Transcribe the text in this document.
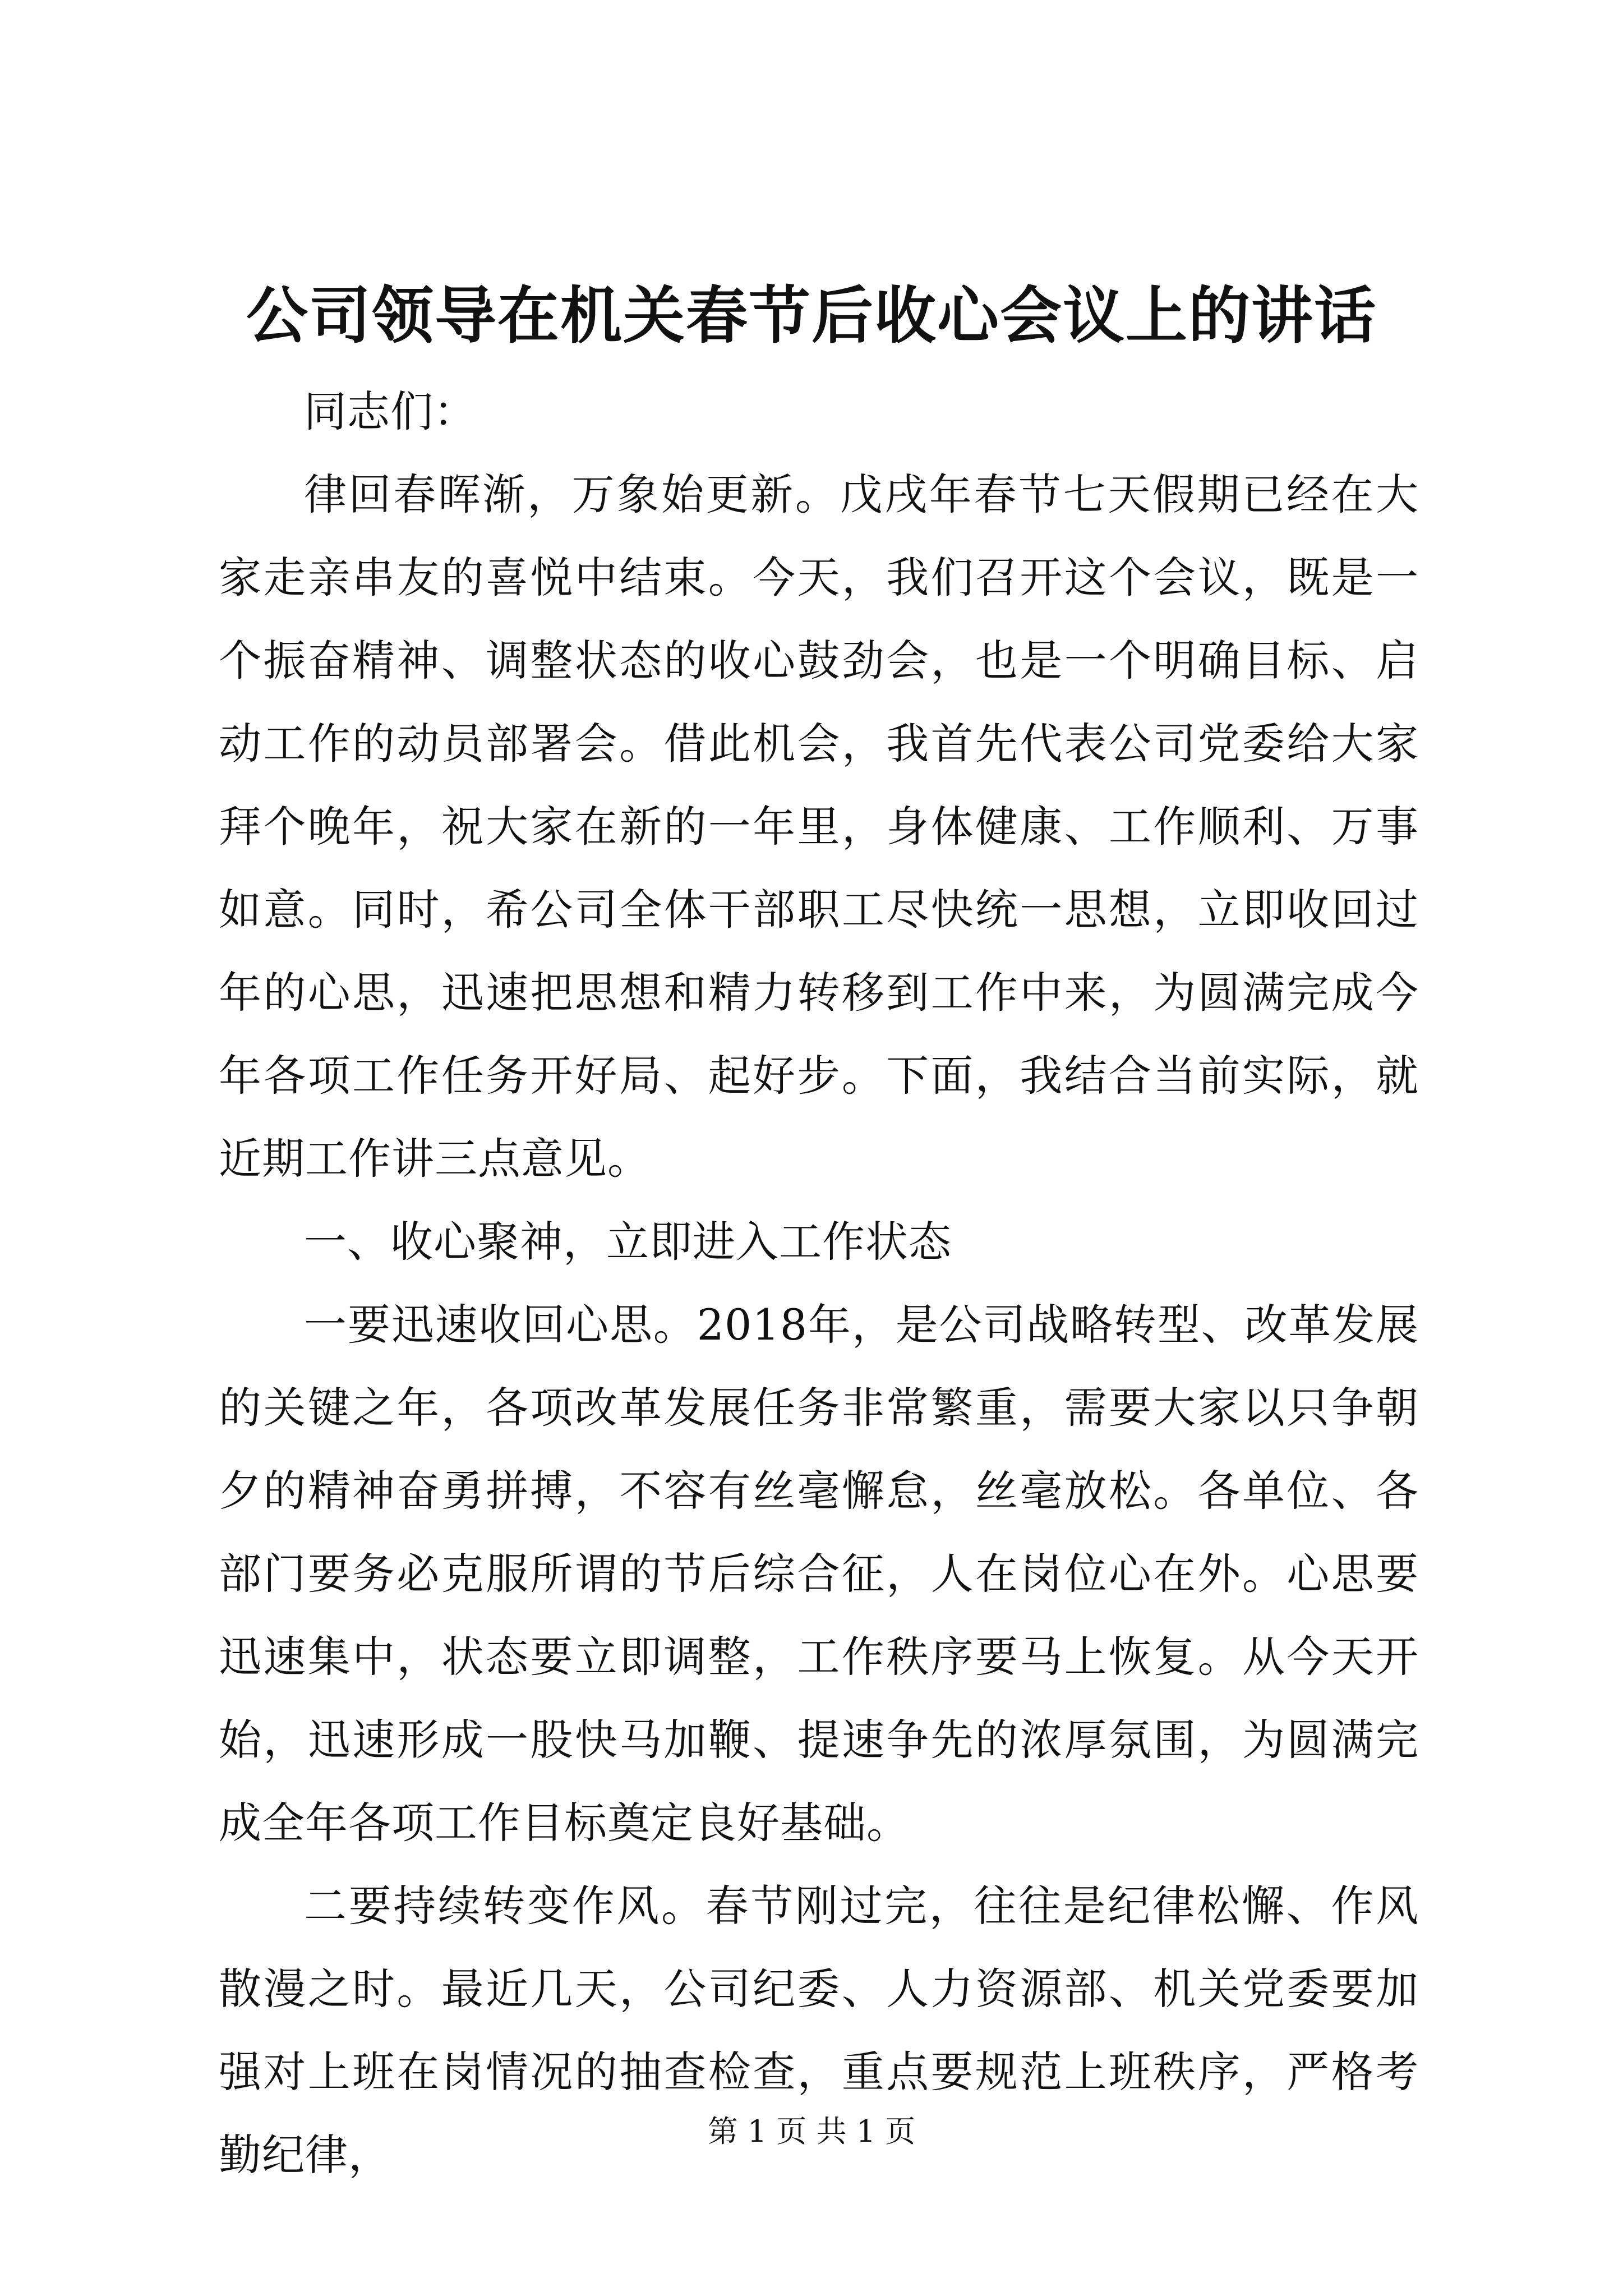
公司领导在机关春节后收心会议上的讲话

同志们：

律回春晖渐，万象始更新。戊戌年春节七天假期已经在大家走亲串友的喜悦中结束。今天，我们召开这个会议，既是一个振奋精神、调整状态的收心鼓劲会，也是一个明确目标、启动工作的动员部署会。借此机会，我首先代表公司党委给大家拜个晚年，祝大家在新的一年里，身体健康、工作顺利、万事如意。同时，希公司全体干部职工尽快统一思想，立即收回过年的心思，迅速把思想和精力转移到工作中来，为圆满完成今年各项工作任务开好局、起好步。下面，我结合当前实际，就近期工作讲三点意见。

一、收心聚神，立即进入工作状态

一要迅速收回心思。2018年，是公司战略转型、改革发展的关键之年，各项改革发展任务非常繁重，需要大家以只争朝夕的精神奋勇拼搏，不容有丝毫懈怠，丝毫放松。各单位、各部门要务必克服所谓的节后综合征，人在岗位心在外。心思要迅速集中，状态要立即调整，工作秩序要马上恢复。从今天开始，迅速形成一股快马加鞭、提速争先的浓厚氛围，为圆满完成全年各项工作目标奠定良好基础。

二要持续转变作风。春节刚过完，往往是纪律松懈、作风散漫之时。最近几天，公司纪委、人力资源部、机关党委要加强对上班在岗情况的抽查检查，重点要规范上班秩序，严格考勤纪律，	第 1 页 共 1 页
